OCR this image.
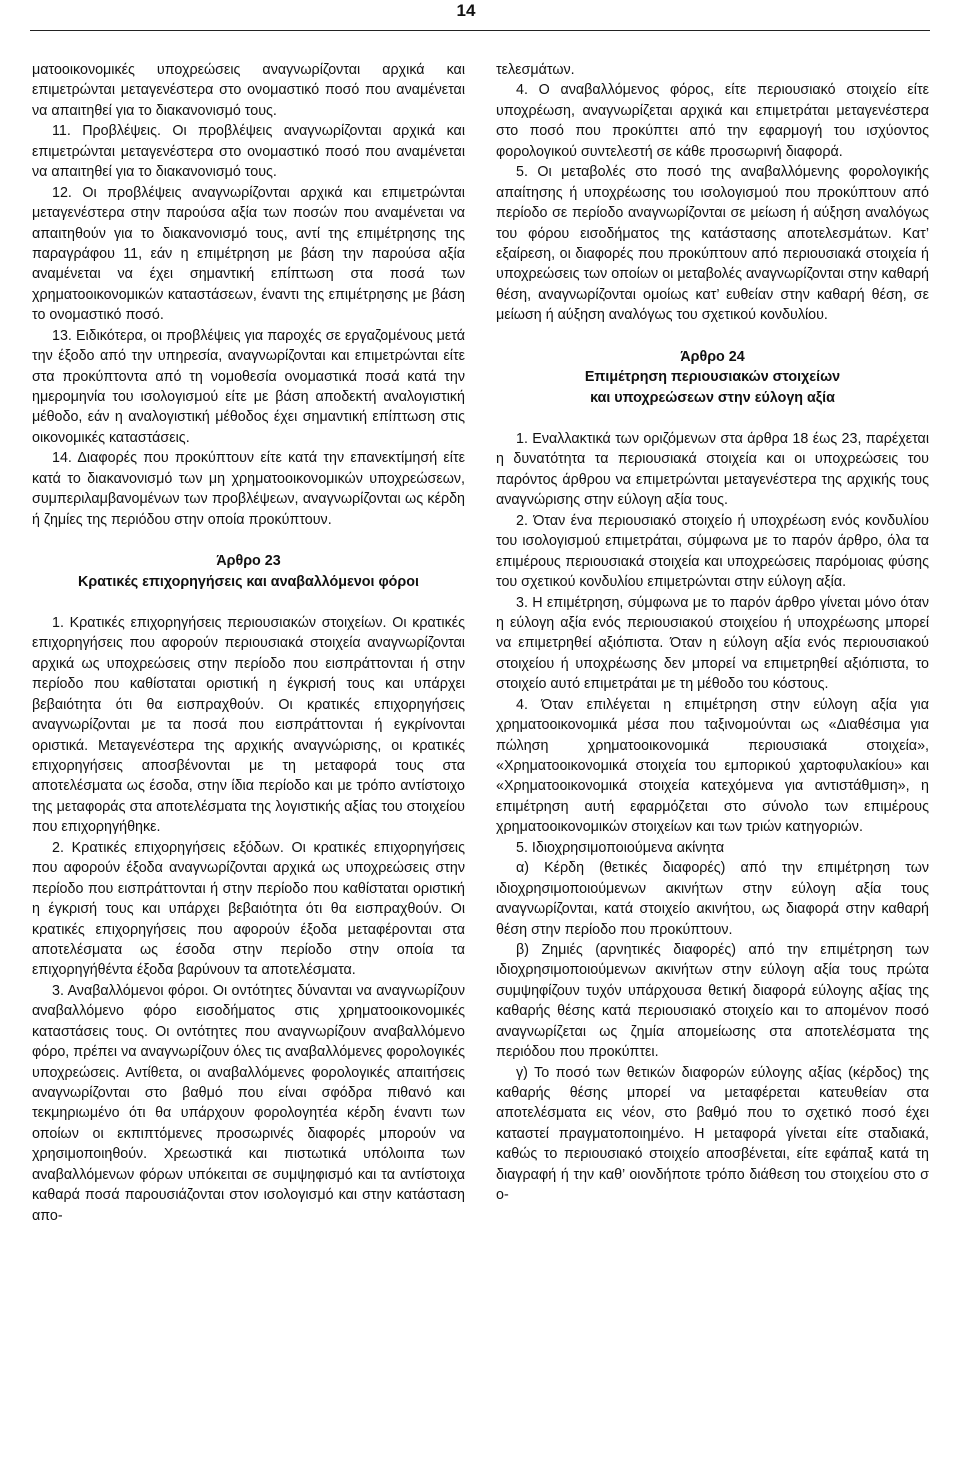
14

ματοοικονομικές υποχρεώσεις αναγνωρίζονται αρχικά και επιμετρώνται μεταγενέστερα στο ονομαστικό ποσό που αναμένεται να απαιτηθεί για το διακανονισμό τους.

11. Προβλέψεις. Οι προβλέψεις αναγνωρίζονται αρχικά και επιμετρώνται μεταγενέστερα στο ονομαστικό ποσό που αναμένεται να απαιτηθεί για το διακανονισμό τους.

12. Οι προβλέψεις αναγνωρίζονται αρχικά και επιμετρώνται μεταγενέστερα στην παρούσα αξία των ποσών που αναμένεται να απαιτηθούν για το διακανονισμό τους, αντί της επιμέτρησης της παραγράφου 11, εάν η επιμέτρηση με βάση την παρούσα αξία αναμένεται να έχει σημαντική επίπτωση στα ποσά των χρηματοοικονομικών καταστάσεων, έναντι της επιμέτρησης με βάση το ονομαστικό ποσό.

13. Ειδικότερα, οι προβλέψεις για παροχές σε εργαζομένους μετά την έξοδο από την υπηρεσία, αναγνωρίζονται και επιμετρώνται είτε στα προκύπτοντα από τη νομοθεσία ονομαστικά ποσά κατά την ημερομηνία του ισολογισμού είτε με βάση αποδεκτή αναλογιστική μέθοδο, εάν η αναλογιστική μέθοδος έχει σημαντική επίπτωση στις οικονομικές καταστάσεις.

14. Διαφορές που προκύπτουν είτε κατά την επανεκτίμησή είτε κατά το διακανονισμό των μη χρηματοοικονομικών υποχρεώσεων, συμπεριλαμβανομένων των προβλέψεων, αναγνωρίζονται ως κέρδη ή ζημίες της περιόδου στην οποία προκύπτουν.

Άρθρο 23

Κρατικές επιχορηγήσεις και αναβαλλόμενοι φόροι

1. Κρατικές επιχορηγήσεις περιουσιακών στοιχείων. Οι κρατικές επιχορηγήσεις που αφορούν περιουσιακά στοιχεία αναγνωρίζονται αρχικά ως υποχρεώσεις στην περίοδο που εισπράττονται ή στην περίοδο που καθίσταται οριστική η έγκρισή τους και υπάρχει βεβαιότητα ότι θα εισπραχθούν. Οι κρατικές επιχορηγήσεις αναγνωρίζονται με τα ποσά που εισπράττονται ή εγκρίνονται οριστικά. Μεταγενέστερα της αρχικής αναγνώρισης, οι κρατικές επιχορηγήσεις αποσβένονται με τη μεταφορά τους στα αποτελέσματα ως έσοδα, στην ίδια περίοδο και με τρόπο αντίστοιχο της μεταφοράς στα αποτελέσματα της λογιστικής αξίας του στοιχείου που επιχορηγήθηκε.

2. Κρατικές επιχορηγήσεις εξόδων. Οι κρατικές επιχορηγήσεις που αφορούν έξοδα αναγνωρίζονται αρχικά ως υποχρεώσεις στην περίοδο που εισπράττονται ή στην περίοδο που καθίσταται οριστική η έγκρισή τους και υπάρχει βεβαιότητα ότι θα εισπραχθούν. Οι κρατικές επιχορηγήσεις που αφορούν έξοδα μεταφέρονται στα αποτελέσματα ως έσοδα στην περίοδο στην οποία τα επιχορηγήθέντα έξοδα βαρύνουν τα αποτελέσματα.

3. Αναβαλλόμενοι φόροι. Οι οντότητες δύνανται να αναγνωρίζουν αναβαλλόμενο φόρο εισοδήματος στις χρηματοοικονομικές καταστάσεις τους. Οι οντότητες που αναγνωρίζουν αναβαλλόμενο φόρο, πρέπει να αναγνωρίζουν όλες τις αναβαλλόμενες φορολογικές υποχρεώσεις. Αντίθετα, οι αναβαλλόμενες φορολογικές απαιτήσεις αναγνωρίζονται στο βαθμό που είναι σφόδρα πιθανό και τεκμηριωμένο ότι θα υπάρχουν φορολογητέα κέρδη έναντι των οποίων οι εκπιπτόμενες προσωρινές διαφορές μπορούν να χρησιμοποιηθούν. Χρεωστικά και πιστωτικά υπόλοιπα των αναβαλλόμενων φόρων υπόκειται σε συμψηφισμό και τα αντίστοιχα καθαρά ποσά παρουσιάζονται στον ισολογισμό και στην κατάσταση απο-

τελεσμάτων.

4. Ο αναβαλλόμενος φόρος, είτε περιουσιακό στοιχείο είτε υποχρέωση, αναγνωρίζεται αρχικά και επιμετράται μεταγενέστερα στο ποσό που προκύπτει από την εφαρμογή του ισχύοντος φορολογικού συντελεστή σε κάθε προσωρινή διαφορά.

5. Οι μεταβολές στο ποσό της αναβαλλόμενης φορολογικής απαίτησης ή υποχρέωσης του ισολογισμού που προκύπτουν από περίοδο σε περίοδο αναγνωρίζονται σε μείωση ή αύξηση αναλόγως του φόρου εισοδήματος της κατάστασης αποτελεσμάτων. Κατ’ εξαίρεση, οι διαφορές που προκύπτουν από περιουσιακά στοιχεία ή υποχρεώσεις των οποίων οι μεταβολές αναγνωρίζονται στην καθαρή θέση, αναγνωρίζονται ομοίως κατ’ ευθείαν στην καθαρή θέση, σε μείωση ή αύξηση αναλόγως του σχετικού κονδυλίου.

Άρθρο 24

Επιμέτρηση περιουσιακών στοιχείων

και υποχρεώσεων στην εύλογη αξία

1. Εναλλακτικά των οριζόμενων στα άρθρα 18 έως 23, παρέχεται η δυνατότητα τα περιουσιακά στοιχεία και οι υποχρεώσεις του παρόντος άρθρου να επιμετρώνται μεταγενέστερα της αρχικής τους αναγνώρισης στην εύλογη αξία τους.

2. Όταν ένα περιουσιακό στοιχείο ή υποχρέωση ενός κονδυλίου του ισολογισμού επιμετράται, σύμφωνα με το παρόν άρθρο, όλα τα επιμέρους περιουσιακά στοιχεία και υποχρεώσεις παρόμοιας φύσης του σχετικού κονδυλίου επιμετρώνται στην εύλογη αξία.

3. Η επιμέτρηση, σύμφωνα με το παρόν άρθρο γίνεται μόνο όταν η εύλογη αξία ενός περιουσιακού στοιχείου ή υποχρέωσης μπορεί να επιμετρηθεί αξιόπιστα. Όταν η εύλογη αξία ενός περιουσιακού στοιχείου ή υποχρέωσης δεν μπορεί να επιμετρηθεί αξιόπιστα, το στοιχείο αυτό επιμετράται με τη μέθοδο του κόστους.

4. Όταν επιλέγεται η επιμέτρηση στην εύλογη αξία για χρηματοοικονομικά μέσα που ταξινομούνται ως «Διαθέσιμα για πώληση χρηματοοικονομικά περιουσιακά στοιχεία», «Χρηματοοικονομικά στοιχεία του εμπορικού χαρτοφυλακίου» και «Χρηματοοικονομικά στοιχεία κατεχόμενα για αντιστάθμιση», η επιμέτρηση αυτή εφαρμόζεται στο σύνολο των επιμέρους χρηματοοικονομικών στοιχείων και των τριών κατηγοριών.

5. Ιδιοχρησιμοποιούμενα ακίνητα

α) Κέρδη (θετικές διαφορές) από την επιμέτρηση των ιδιοχρησιμοποιούμενων ακινήτων στην εύλογη αξία τους αναγνωρίζονται, κατά στοιχείο ακινήτου, ως διαφορά στην καθαρή θέση στην περίοδο που προκύπτουν.

β) Ζημιές (αρνητικές διαφορές) από την επιμέτρηση των ιδιοχρησιμοποιούμενων ακινήτων στην εύλογη αξία τους πρώτα συμψηφίζουν τυχόν υπάρχουσα θετική διαφορά εύλογης αξίας της καθαρής θέσης κατά περιουσιακό στοιχείο και το απομένον ποσό αναγνωρίζεται ως ζημία απομείωσης στα αποτελέσματα της περιόδου που προκύπτει.

γ) Το ποσό των θετικών διαφορών εύλογης αξίας (κέρδος) της καθαρής θέσης μπορεί να μεταφέρεται κατευθείαν στα αποτελέσματα εις νέον, στο βαθμό που το σχετικό ποσό έχει καταστεί πραγματοποιημένο. Η μεταφορά γίνεται είτε σταδιακά, καθώς το περιουσιακό στοιχείο αποσβένεται, είτε εφάπαξ κατά τη διαγραφή ή την καθ’ οιονδήποτε τρόπο διάθεση του στοιχείου στο σ ο-
